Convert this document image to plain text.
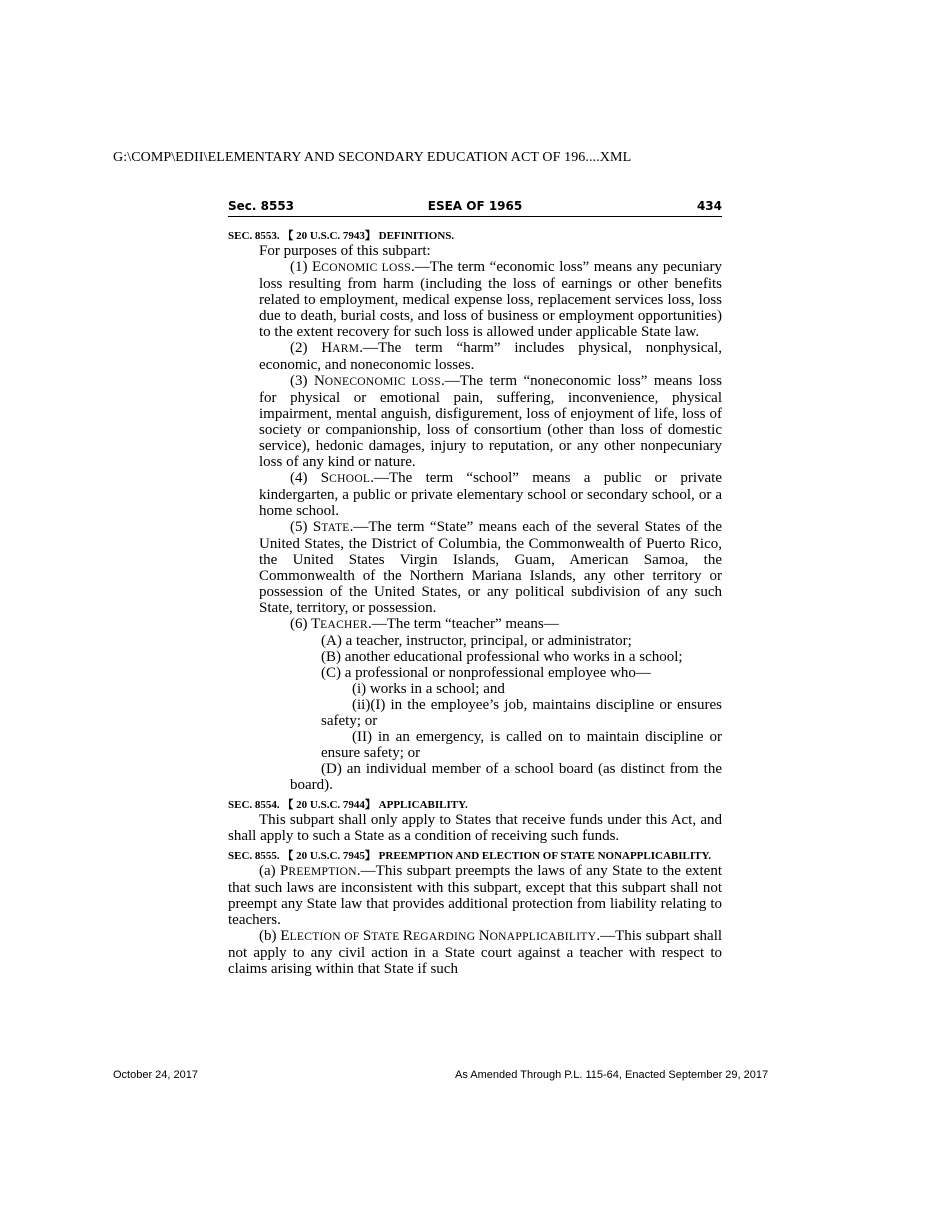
G:\COMP\EDII\ELEMENTARY AND SECONDARY EDUCATION ACT OF 196....XML
ESEA OF 1965
Sec. 8553	434

SEC. 8553. 【 20 U.S.C. 7943】 DEFINITIONS.

For purposes of this subpart:

(1) ECONOMIC LOSS.—The term “economic loss” means any pecuniary loss resulting from harm (including the loss of earnings or other benefits related to employment, medical expense loss, replacement services loss, loss due to death, burial costs, and loss of business or employment opportunities) to the extent recovery for such loss is allowed under applicable State law.

(2) HARM.—The term “harm” includes physical, nonphysical, economic, and noneconomic losses.

(3) NONECONOMIC LOSS.—The term “noneconomic loss” means loss for physical or emotional pain, suffering, inconvenience, physical impairment, mental anguish, disfigurement, loss of enjoyment of life, loss of society or companionship, loss of consortium (other than loss of domestic service), hedonic damages, injury to reputation, or any other nonpecuniary loss of any kind or nature.

(4) SCHOOL.—The term “school” means a public or private kindergarten, a public or private elementary school or secondary school, or a home school.

(5) STATE.—The term “State” means each of the several States of the United States, the District of Columbia, the Commonwealth of Puerto Rico, the United States Virgin Islands, Guam, American Samoa, the Commonwealth of the Northern Mariana Islands, any other territory or possession of the United States, or any political subdivision of any such State, territory, or possession.

(6) TEACHER.—The term “teacher” means—

(A) a teacher, instructor, principal, or administrator;

(B) another educational professional who works in a school;

(C) a professional or nonprofessional employee who—

(i) works in a school; and

(ii)(I) in the employee’s job, maintains discipline or ensures safety; or

(II) in an emergency, is called on to maintain discipline or ensure safety; or

(D) an individual member of a school board (as distinct from the board).

SEC. 8554. 【 20 U.S.C. 7944】 APPLICABILITY.

This subpart shall only apply to States that receive funds under this Act, and shall apply to such a State as a condition of receiving such funds.

SEC. 8555. 【 20 U.S.C. 7945】 PREEMPTION AND ELECTION OF STATE NONAPPLICABILITY.

(a) PREEMPTION.—This subpart preempts the laws of any State to the extent that such laws are inconsistent with this subpart, except that this subpart shall not preempt any State law that provides additional protection from liability relating to teachers.

(b) ELECTION OF STATE REGARDING NONAPPLICABILITY.—This subpart shall not apply to any civil action in a State court against a teacher with respect to claims arising within that State if such

October 24, 2017	As Amended Through P.L. 115-64, Enacted September 29, 2017
